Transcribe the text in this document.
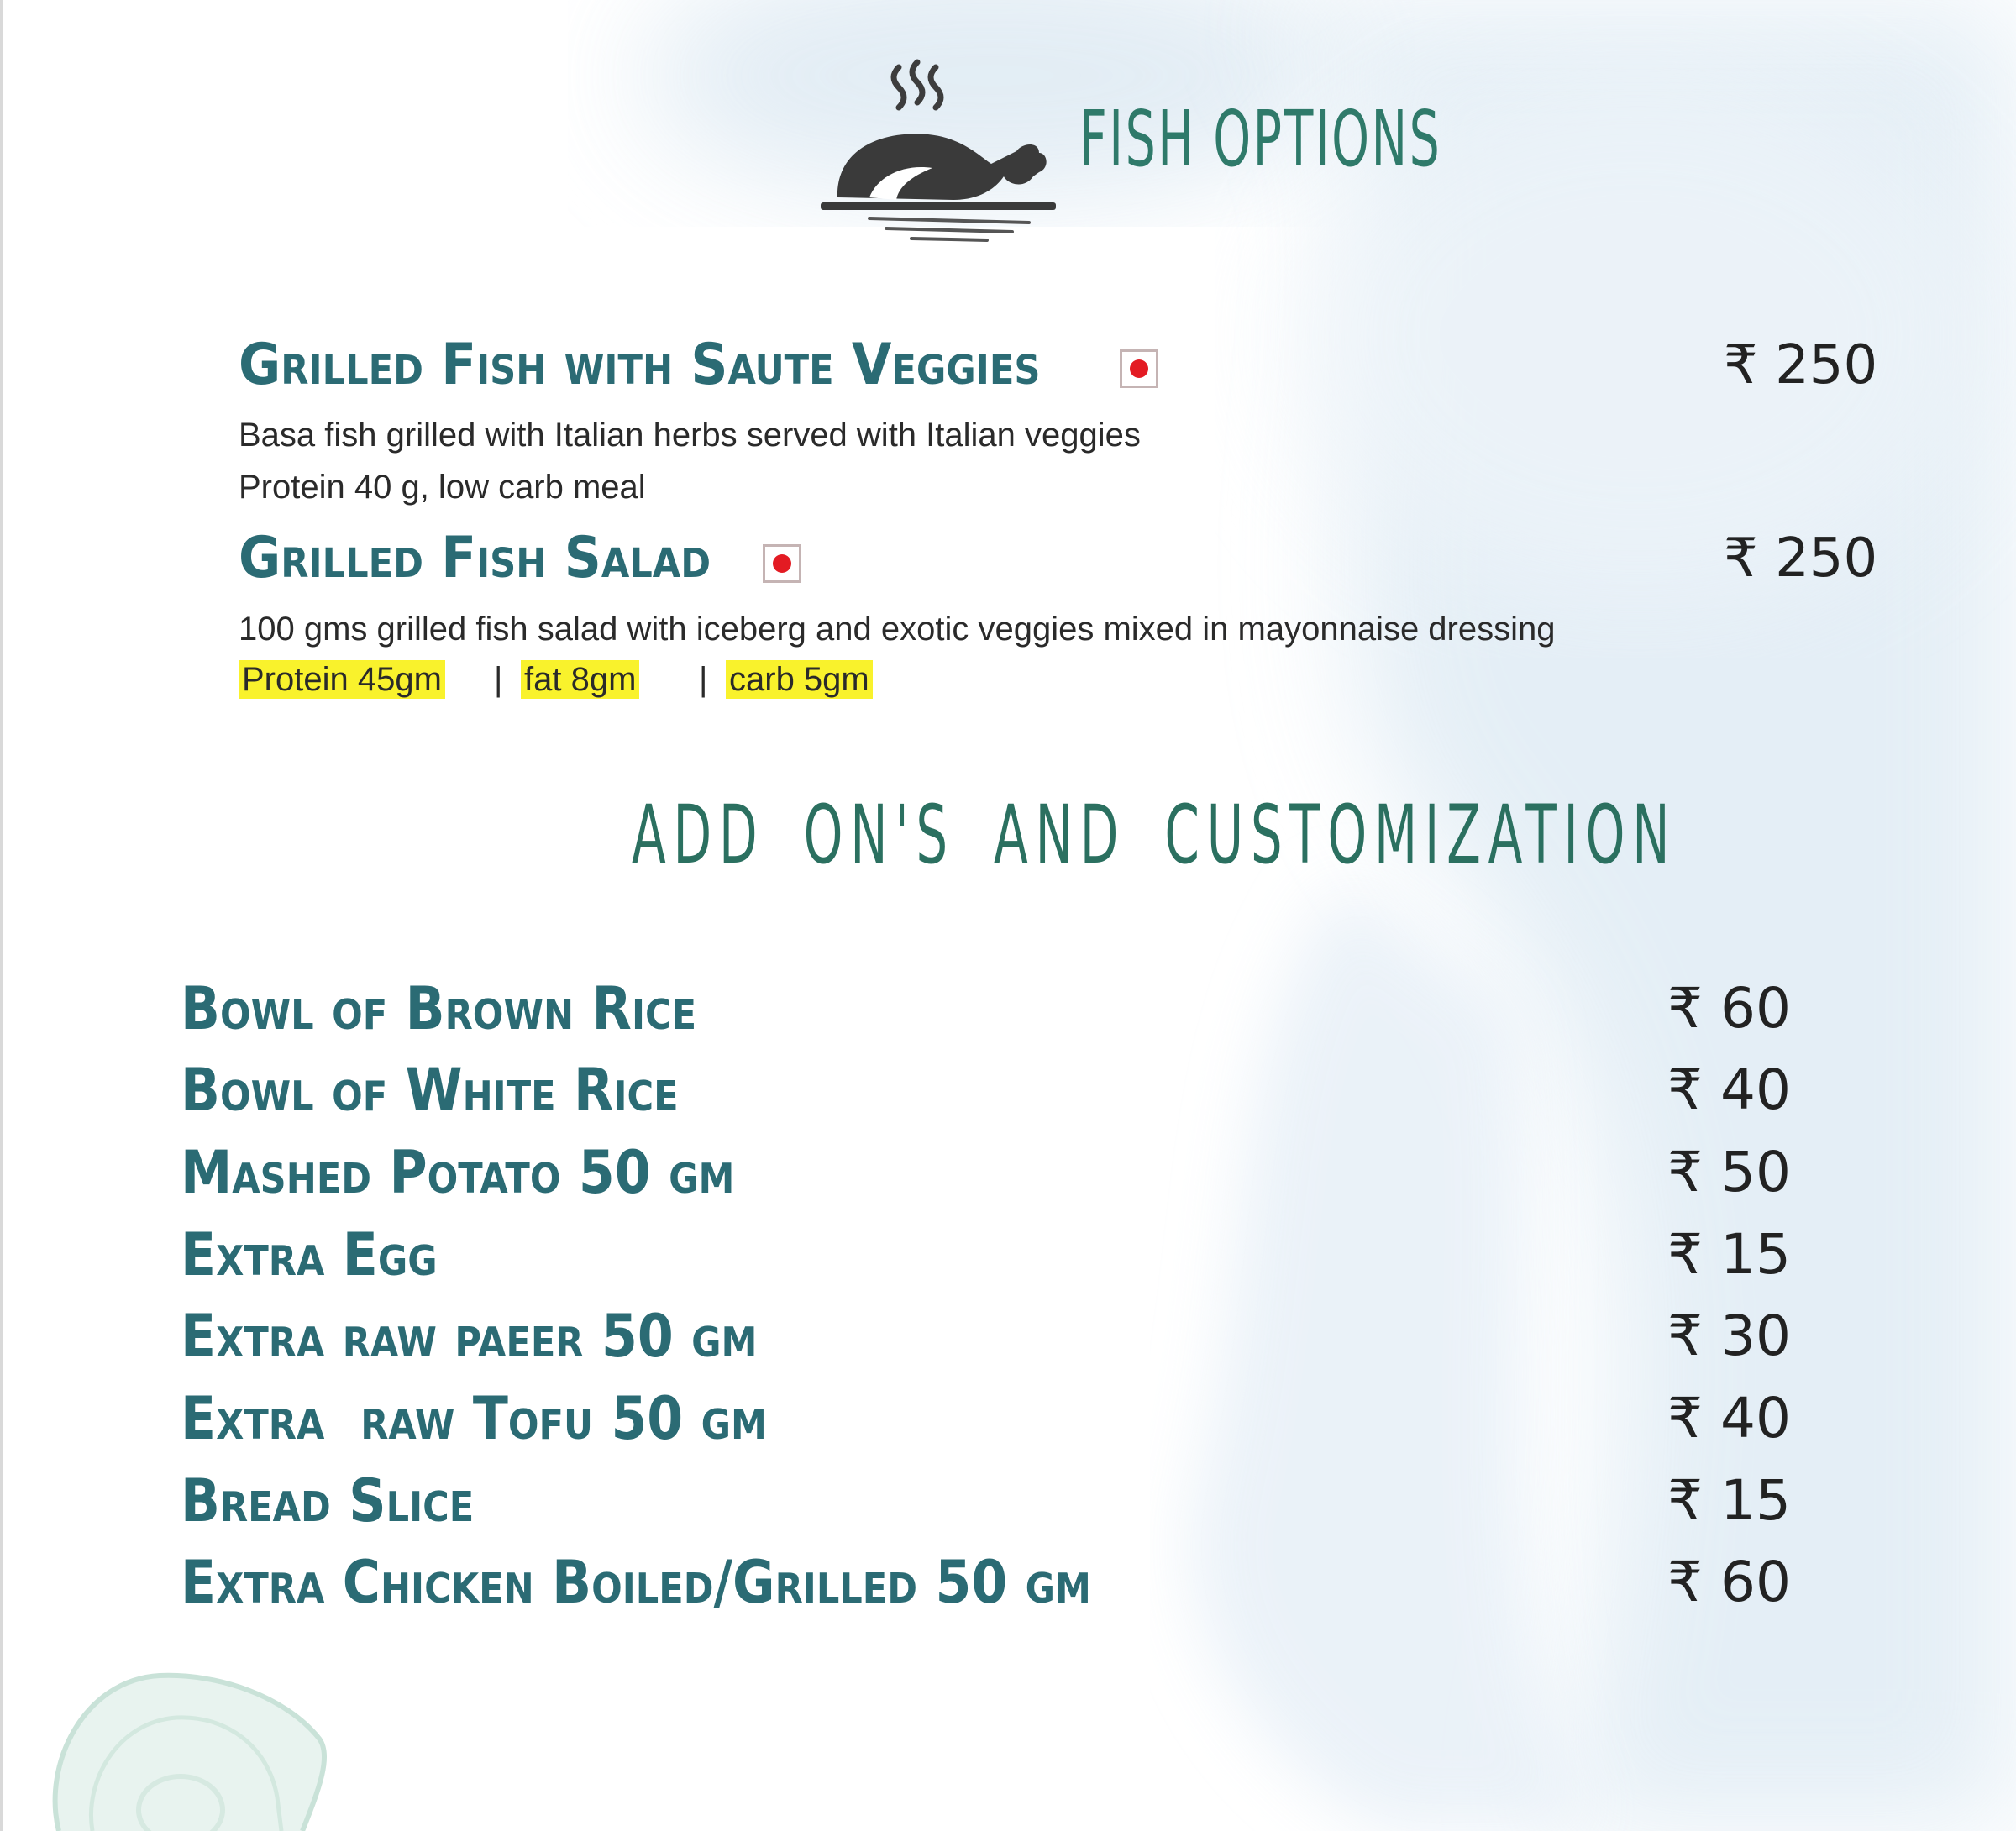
FISH OPTIONS
Grilled Fish with Saute Veggies	₹ 250

Basa fish grilled with Italian herbs served with Italian veggies

Protein 40 g, low carb meal

Grilled Fish Salad	₹ 250

100 gms grilled fish salad with iceberg and exotic veggies mixed in mayonnaise dressing

Protein 45gm | fat 8gm | carb 5gm
ADD ON'S AND CUSTOMIZATION

Bowl of Brown Rice	₹ 60

Bowl of White Rice	₹ 40

Mashed Potato 50 gm	₹ 50

Extra Egg	₹ 15

Extra raw paeer 50 gm	₹ 30

Extra  raw Tofu 50 gm	₹ 40

Bread Slice	₹ 15

Extra Chicken Boiled/Grilled 50 gm	₹ 60
